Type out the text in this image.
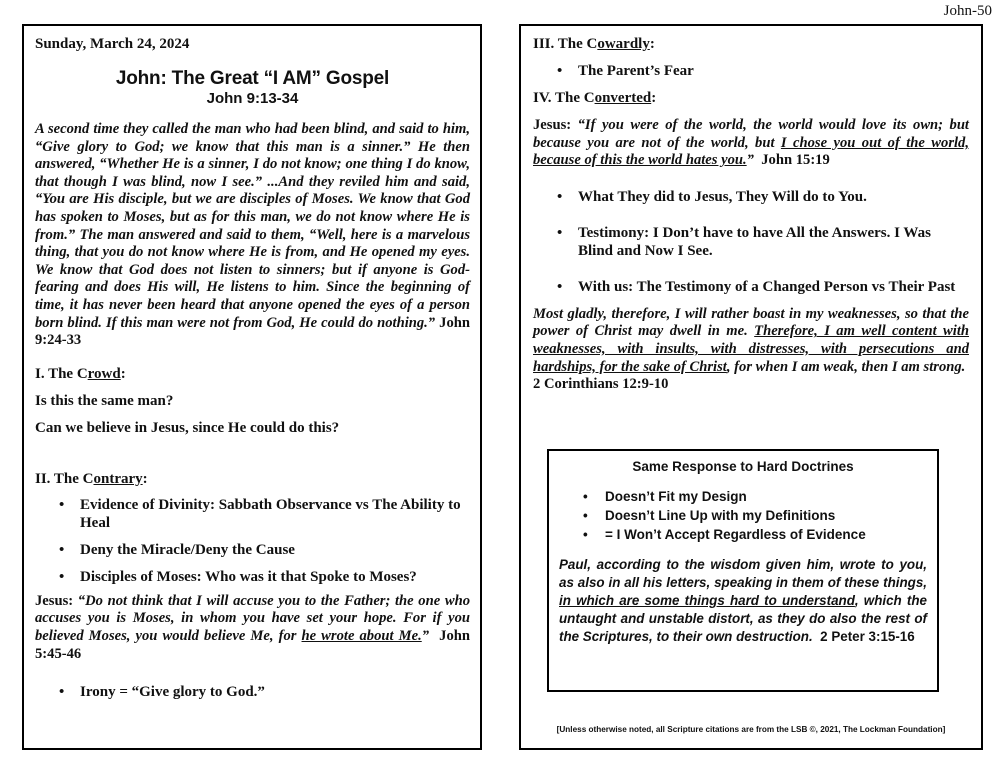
John-50
Sunday, March 24, 2024
John: The Great “I AM” Gospel
John 9:13-34
A second time they called the man who had been blind, and said to him, “Give glory to God; we know that this man is a sinner.” He then answered, “Whether He is a sinner, I do not know; one thing I do know, that though I was blind, now I see.” ...And they reviled him and said, “You are His disciple, but we are disciples of Moses. We know that God has spoken to Moses, but as for this man, we do not know where He is from.” The man answered and said to them, “Well, here is a marvelous thing, that you do not know where He is from, and He opened my eyes. We know that God does not listen to sinners; but if anyone is God-fearing and does His will, He listens to him. Since the beginning of time, it has never been heard that anyone opened the eyes of a person born blind. If this man were not from God, He could do nothing.” John 9:24-33
I. The Crowd:
Is this the same man?
Can we believe in Jesus, since He could do this?
II. The Contrary:
• Evidence of Divinity: Sabbath Observance vs The Ability to Heal
• Deny the Miracle/Deny the Cause
• Disciples of Moses: Who was it that Spoke to Moses?
Jesus: “Do not think that I will accuse you to the Father; the one who accuses you is Moses, in whom you have set your hope. For if you believed Moses, you would believe Me, for he wrote about Me.” John 5:45-46
• Irony = “Give glory to God.”
III. The Cowardly:
• The Parent’s Fear
IV. The Converted:
Jesus: “If you were of the world, the world would love its own; but because you are not of the world, but I chose you out of the world, because of this the world hates you.” John 15:19
• What They did to Jesus, They Will do to You.
• Testimony: I Don’t have to have All the Answers. I Was Blind and Now I See.
• With us: The Testimony of a Changed Person vs Their Past
Most gladly, therefore, I will rather boast in my weaknesses, so that the power of Christ may dwell in me. Therefore, I am well content with weaknesses, with insults, with distresses, with persecutions and hardships, for the sake of Christ, for when I am weak, then I am strong.  2 Corinthians 12:9-10
Same Response to Hard Doctrines
• Doesn’t Fit my Design
• Doesn’t Line Up with my Definitions
• = I Won’t Accept Regardless of Evidence
Paul, according to the wisdom given him, wrote to you, as also in all his letters, speaking in them of these things, in which are some things hard to understand, which the untaught and unstable distort, as they do also the rest of the Scriptures, to their own destruction. 2 Peter 3:15-16
[Unless otherwise noted, all Scripture citations are from the LSB ©, 2021, The Lockman Foundation]
